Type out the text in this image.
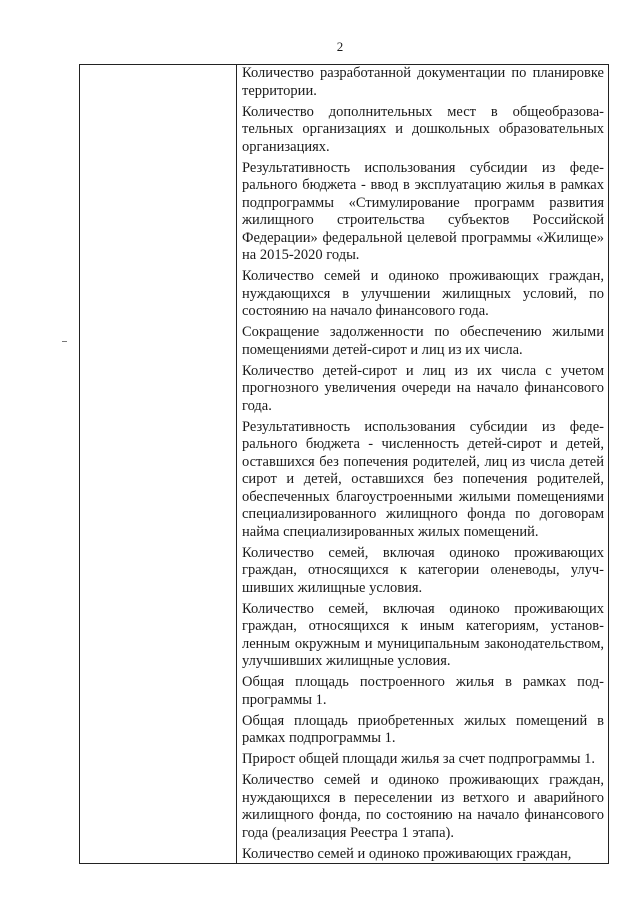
2

Количество разработанной документации по планировке территории.

Количество дополнительных мест в общеобразовательных организациях и дошкольных образовательных организациях.

Результативность использования субсидии из федерального бюджета - ввод в эксплуатацию жилья в рамках подпрограммы «Стимулирование программ развития жилищного строительства субъектов Российской Федерации» федеральной целевой программы «Жилище» на 2015-2020 годы.

Количество семей и одиноко проживающих граждан, нуждающихся в улучшении жилищных условий, по состоянию на начало финансового года.

Сокращение задолженности по обеспечению жилыми помещениями детей-сирот и лиц из их числа.

Количество детей-сирот и лиц из их числа с учетом прогнозного увеличения очереди на начало финансового года.

Результативность использования субсидии из федерального бюджета - численность детей-сирот и детей, оставшихся без попечения родителей, лиц из числа детей сирот и детей, оставшихся без попечения родителей, обеспеченных благоустроенными жилыми помещениями специализированного жилищного фонда по договорам найма специализированных жилых помещений.

Количество семей, включая одиноко проживающих граждан, относящихся к категории оленеводы, улучшивших жилищные условия.

Количество семей, включая одиноко проживающих граждан, относящихся к иным категориям, установленным окружным и муниципальным законодательством, улучшивших жилищные условия.

Общая площадь построенного жилья в рамках подпрограммы 1.

Общая площадь приобретенных жилых помещений в рамках подпрограммы 1.

Прирост общей площади жилья за счет подпрограммы 1.

Количество семей и одиноко проживающих граждан, нуждающихся в переселении из ветхого и аварийного жилищного фонда, по состоянию на начало финансового года (реализация Реестра 1 этапа).

Количество семей и одиноко проживающих граждан,
